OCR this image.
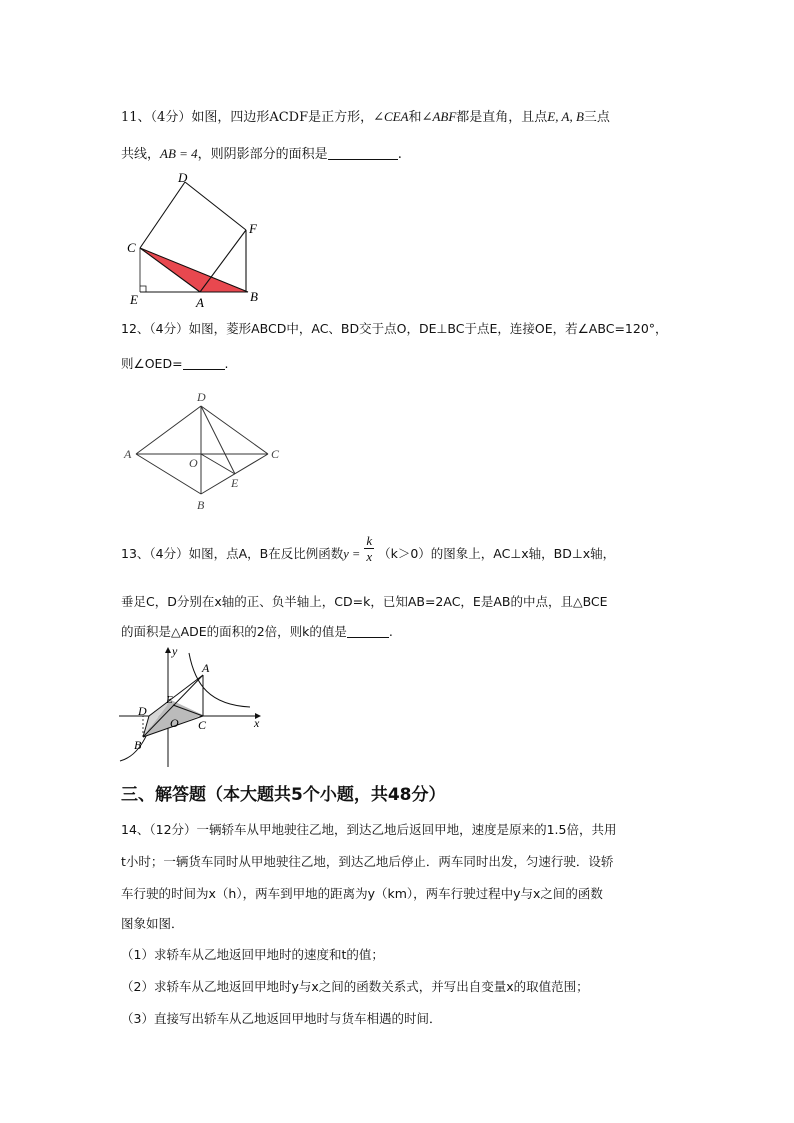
11、（4分）如图，四边形ACDF是正方形，∠CEA和∠ABF都是直角，且点E, A, B三点
共线，AB = 4，则阴影部分的面积是	.
D
C
F
E	A	B
12、（4分）如图，菱形ABCD中，AC、BD交于点O，DE⊥BC于点E，连接OE，若∠ABC=120°，
则∠OED=	.
D
A	C
O
E
B
13、（4分）如图，点A，B在反比例函数$y = \frac{k}{x} (k>0)$的图象上，AC⊥x轴，BD⊥x轴，
垂足C，D分别在x轴的正、负半轴上，CD=k，已知AB=2AC，E是AB的中点，且△BCE
的面积是△ADE的面积的2倍，则k的值是	.
y
x
A
E
D
O C
B
三、解答题（本大题共5个小题，共48分）
14、（12分）一辆轿车从甲地驶往乙地，到达乙地后返回甲地，速度是原来的1.5倍，共用
t小时；一辆货车同时从甲地驶往乙地，到达乙地后停止．两车同时出发，匀速行驶．设轿
车行驶的时间为x（h），两车到甲地的距离为y（km），两车行驶过程中y与x之间的函数
图象如图．
（1）求轿车从乙地返回甲地时的速度和t的值；
（2）求轿车从乙地返回甲地时y与x之间的函数关系式，并写出自变量x的取值范围；
（3）直接写出轿车从乙地返回甲地时与货车相遇的时间．
